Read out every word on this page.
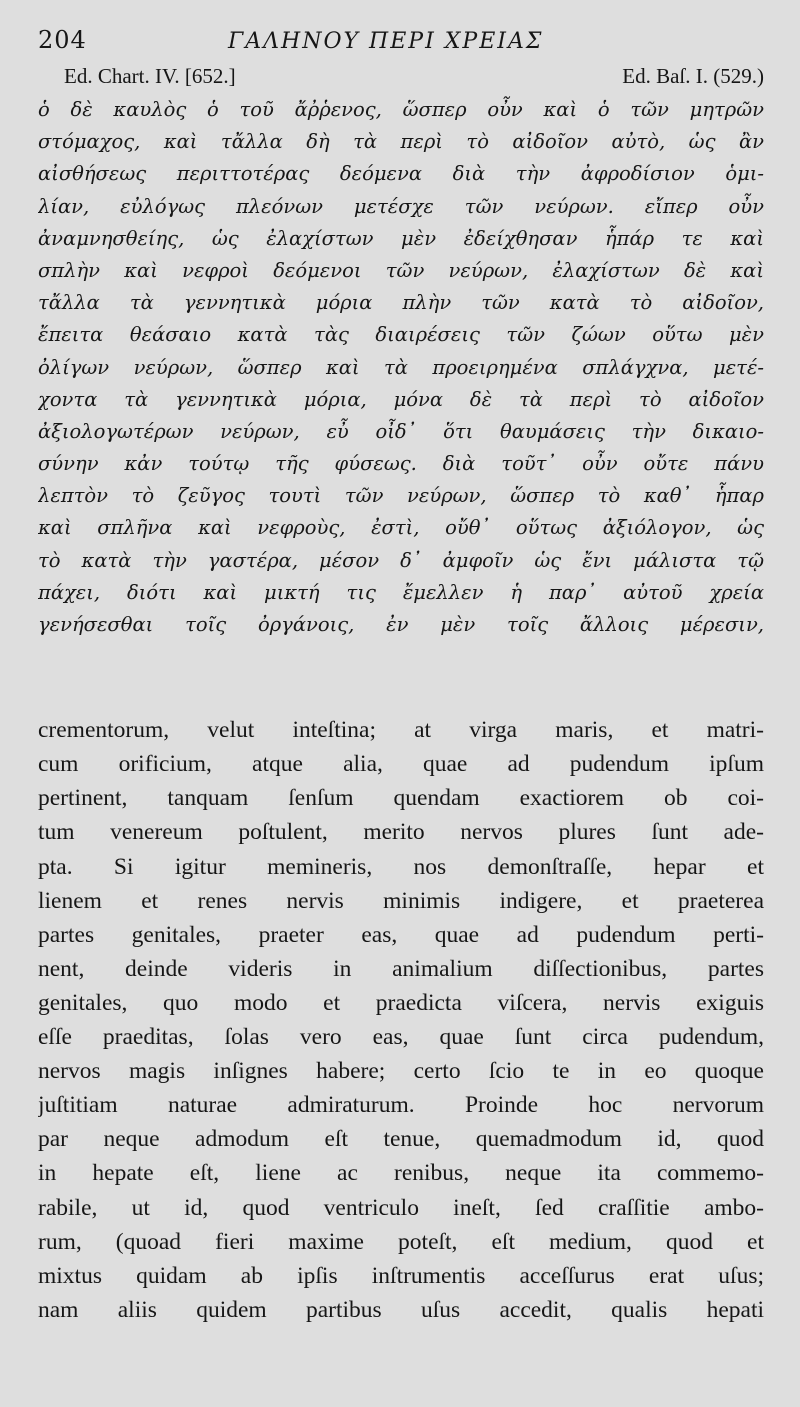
204	ΓΑΛΗΝΟΥ ΠΕΡΙ ΧΡΕΙΑΣ
Ed. Chart. IV. [652.]	Ed. Baſ. I. (529.)
ὁ δὲ καυλὸς ὁ τοῦ ἄῤῥενος, ὥσπερ οὖν καὶ ὁ τῶν μητρῶν
στόμαχος, καὶ τἄλλα δὴ τὰ περὶ τὸ αἰδοῖον αὐτὸ, ὡς ἂν
αἰσθήσεως περιττοτέρας δεόμενα διὰ τὴν ἀφροδίσιον ὁμι-
λίαν, εὐλόγως πλεόνων μετέσχε τῶν νεύρων. εἴπερ οὖν
ἀναμνησθείης, ὡς ἐλαχίστων μὲν ἐδείχθησαν ἧπάρ τε καὶ
σπλὴν καὶ νεφροὶ δεόμενοι τῶν νεύρων, ἐλαχίστων δὲ καὶ
τἄλλα τὰ γεννητικὰ μόρια πλὴν τῶν κατὰ τὸ αἰδοῖον,
ἔπειτα θεάσαιο κατὰ τὰς διαιρέσεις τῶν ζώων οὕτω μὲν
ὀλίγων νεύρων, ὥσπερ καὶ τὰ προειρημένα σπλάγχνα, μετέ-
χοντα τὰ γεννητικὰ μόρια, μόνα δὲ τὰ περὶ τὸ αἰδοῖον
ἀξιολογωτέρων νεύρων, εὖ οἶδ᾽ ὅτι θαυμάσεις τὴν δικαιο-
σύνην κἀν τούτῳ τῆς φύσεως. διὰ τοῦτ᾽ οὖν οὔτε πάνυ
λεπτὸν τὸ ζεῦγος τουτὶ τῶν νεύρων, ὥσπερ τὸ καθ᾽ ἧπαρ
καὶ σπλῆνα καὶ νεφροὺς, ἐστὶ, οὔθ᾽ οὕτως ἀξιόλογον, ὡς
τὸ κατὰ τὴν γαστέρα, μέσον δ᾽ ἀμφοῖν ὡς ἔνι μάλιστα τῷ
πάχει, διότι καὶ μικτή τις ἔμελλεν ἡ παρ᾽ αὐτοῦ χρεία
γενήσεσθαι τοῖς ὀργάνοις, ἐν μὲν τοῖς ἄλλοις μέρεσιν,
crementorum, velut inteſtina; at virga maris, et matri-
cum orificium, atque alia, quae ad pudendum ipſum
pertinent, tanquam ſenſum quendam exactiorem ob coi-
tum venereum poſtulent, merito nervos plures ſunt ade-
pta. Si igitur memineris, nos demonſtraſſe, hepar et
lienem et renes nervis minimis indigere, et praeterea
partes genitales, praeter eas, quae ad pudendum perti-
nent, deinde videris in animalium diſſectionibus, partes
genitales, quo modo et praedicta viſcera, nervis exiguis
eſſe praeditas, ſolas vero eas, quae ſunt circa pudendum,
nervos magis inſignes habere; certo ſcio te in eo quoque
juſtitiam naturae admiraturum. Proinde hoc nervorum
par neque admodum eſt tenue, quemadmodum id, quod
in hepate eſt, liene ac renibus, neque ita commemo-
rabile, ut id, quod ventriculo ineſt, ſed craſſitie ambo-
rum, (quoad fieri maxime poteſt, eſt medium, quod et
mixtus quidam ab ipſis inſtrumentis acceſſurus erat uſus;
nam aliis quidem partibus uſus accedit, qualis hepati
